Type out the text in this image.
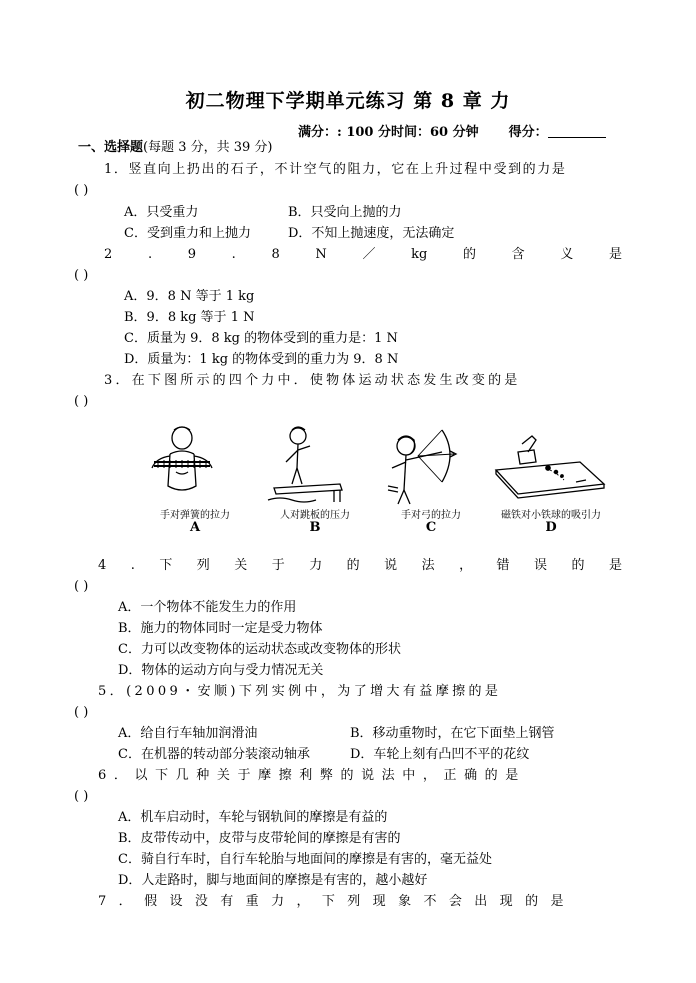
初二物理下学期单元练习 第 8 章 力
满分：: 100 分时间：60 分钟 得分：
一、选择题(每题 3 分，共 39 分)
1．竖直向上扔出的石子，不计空气的阻力，它在上升过程中受到的力是
( )
A．只受重力	B．只受向上抛的力
C．受到重力和上抛力	D．不知上抛速度，无法确定
2	.	9	.	8	N	／	kg	的	含	义	是
( )
A．9．8 N 等于 1 kg
B．9．8 kg 等于 1 N
C．质量为 9．8 kg 的物体受到的重力是：1 N
D．质量为：1 kg 的物体受到的重力为 9．8 N
3．在下图所示的四个力中．使物体运动状态发生改变的是
( )
手对弹簧的拉力
A
人对跳板的压力
B
手对弓的拉力
C
磁铁对小铁球的吸引力
D
4 . 下 列 关 于 力 的 说 法 ， 错 误 的 是
( )
A．一个物体不能发生力的作用
B．施力的物体同时一定是受力物体
C．力可以改变物体的运动状态或改变物体的形状
D．物体的运动方向与受力情况无关
5．(2009・安顺)下列实例中，为了增大有益摩擦的是
( )
A．给自行车轴加润滑油	B．移动重物时，在它下面垫上钢管
C．在机器的转动部分装滚动轴承	D．车轮上刻有凸凹不平的花纹
6．以下几种关于摩擦利弊的说法中，正确的是
( )
A．机车启动时，车轮与钢轨间的摩擦是有益的
B．皮带传动中，皮带与皮带轮间的摩擦是有害的
C．骑自行车时，自行车轮胎与地面间的摩擦是有害的，毫无益处
D．人走路时，脚与地面间的摩擦是有害的，越小越好
7．假设没有重力，下列现象不会出现的是
